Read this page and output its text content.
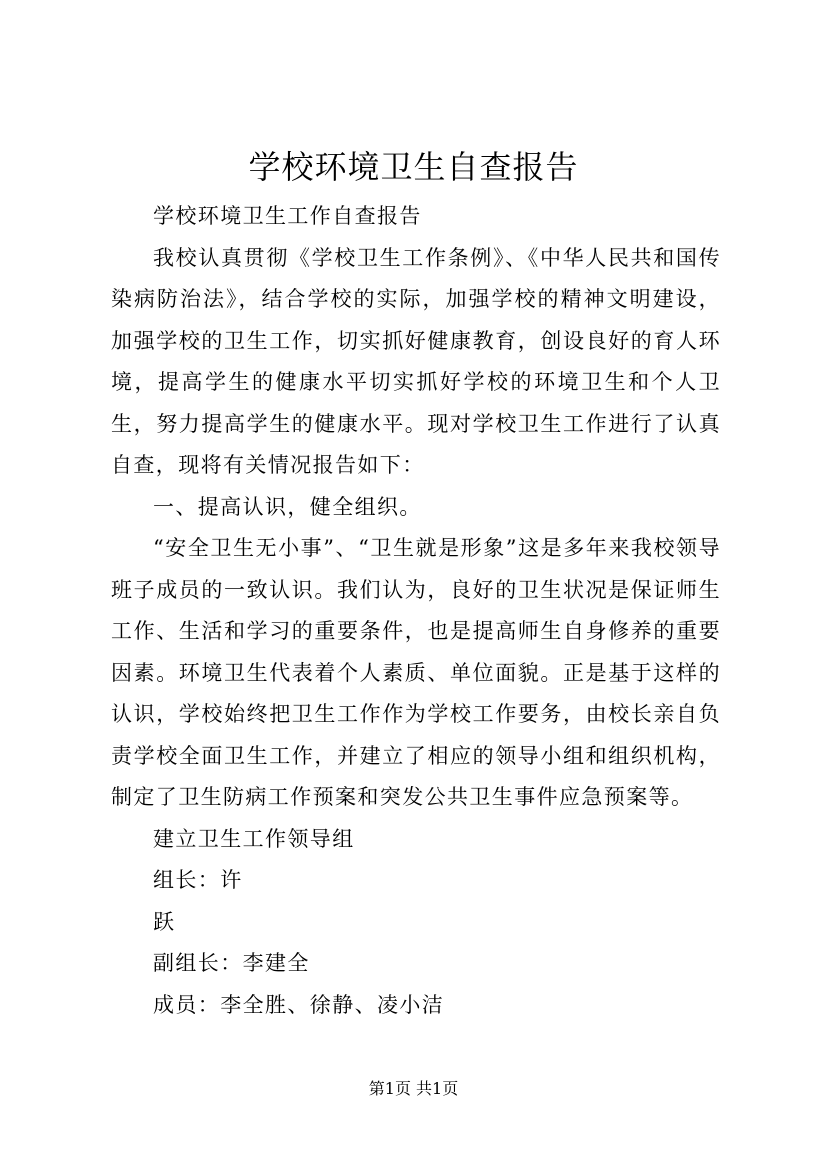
学校环境卫生自查报告

学校环境卫生工作自查报告

我校认真贯彻《学校卫生工作条例》、《中华人民共和国传染病防治法》，结合学校的实际，加强学校的精神文明建设，加强学校的卫生工作，切实抓好健康教育，创设良好的育人环境，提高学生的健康水平切实抓好学校的环境卫生和个人卫生，努力提高学生的健康水平。现对学校卫生工作进行了认真自查，现将有关情况报告如下：

一、提高认识，健全组织。

“安全卫生无小事”、“卫生就是形象”这是多年来我校领导班子成员的一致认识。我们认为，良好的卫生状况是保证师生工作、生活和学习的重要条件，也是提高师生自身修养的重要因素。环境卫生代表着个人素质、单位面貌。正是基于这样的认识，学校始终把卫生工作作为学校工作要务，由校长亲自负责学校全面卫生工作，并建立了相应的领导小组和组织机构，制定了卫生防病工作预案和突发公共卫生事件应急预案等。

建立卫生工作领导组

组长：许

跃

副组长：李建全

成员：李全胜、徐静、凌小洁

第1页 共1页
